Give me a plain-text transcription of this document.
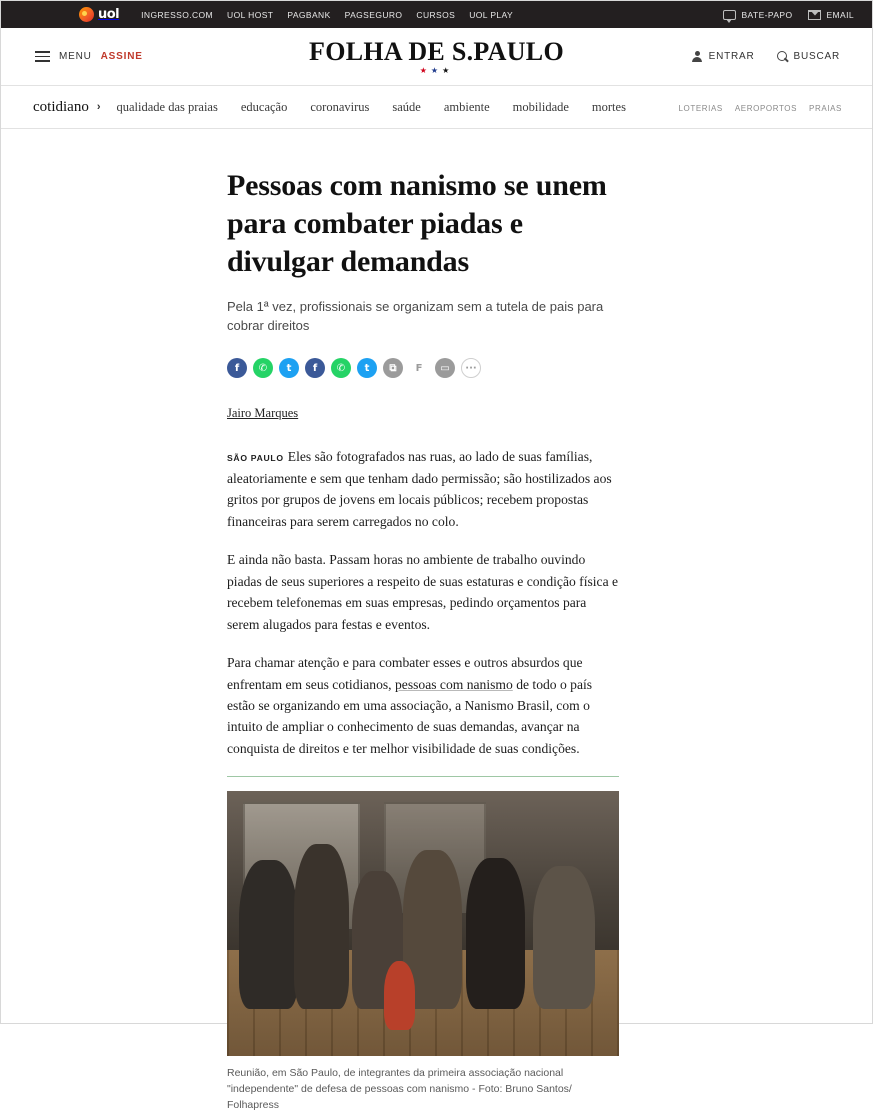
uol	INGRESSO.COM UOL HOST PAGBANK PAGSEGURO CURSOS UOL PLAY	BATE-PAPO	EMAIL
MENU ASSINE	FOLHA DE S.PAULO
★★★
ENTRAR	BUSCAR
cotidiano › qualidade das praias educação coronavirus saúde ambiente mobilidade mortes	LOTERIAS AEROPORTOS PRAIAS
Pessoas com nanismo se unem para combater piadas e divulgar demandas

Pela 1ª vez, profissionais se organizam sem a tutela de pais para cobrar direitos

f	✆	t	f	✆	t	⧉	F	▭	···
Jairo Marques

SÃO PAULO Eles são fotografados nas ruas, ao lado de suas famílias, aleatoriamente e sem que tenham dado permissão; são hostilizados aos gritos por grupos de jovens em locais públicos; recebem propostas financeiras para serem carregados no colo.

E ainda não basta. Passam horas no ambiente de trabalho ouvindo piadas de seus superiores a respeito de suas estaturas e condição física e recebem telefonemas em suas empresas, pedindo orçamentos para serem alugados para festas e eventos.

Para chamar atenção e para combater esses e outros absurdos que enfrentam em seus cotidianos, pessoas com nanismo de todo o país estão se organizando em uma associação, a Nanismo Brasil, com o intuito de ampliar o conhecimento de suas demandas, avançar na conquista de direitos e ter melhor visibilidade de suas condições.

Reunião, em São Paulo, de integrantes da primeira associação nacional "independente" de defesa de pessoas com nanismo - Foto: Bruno Santos/ Folhapress
